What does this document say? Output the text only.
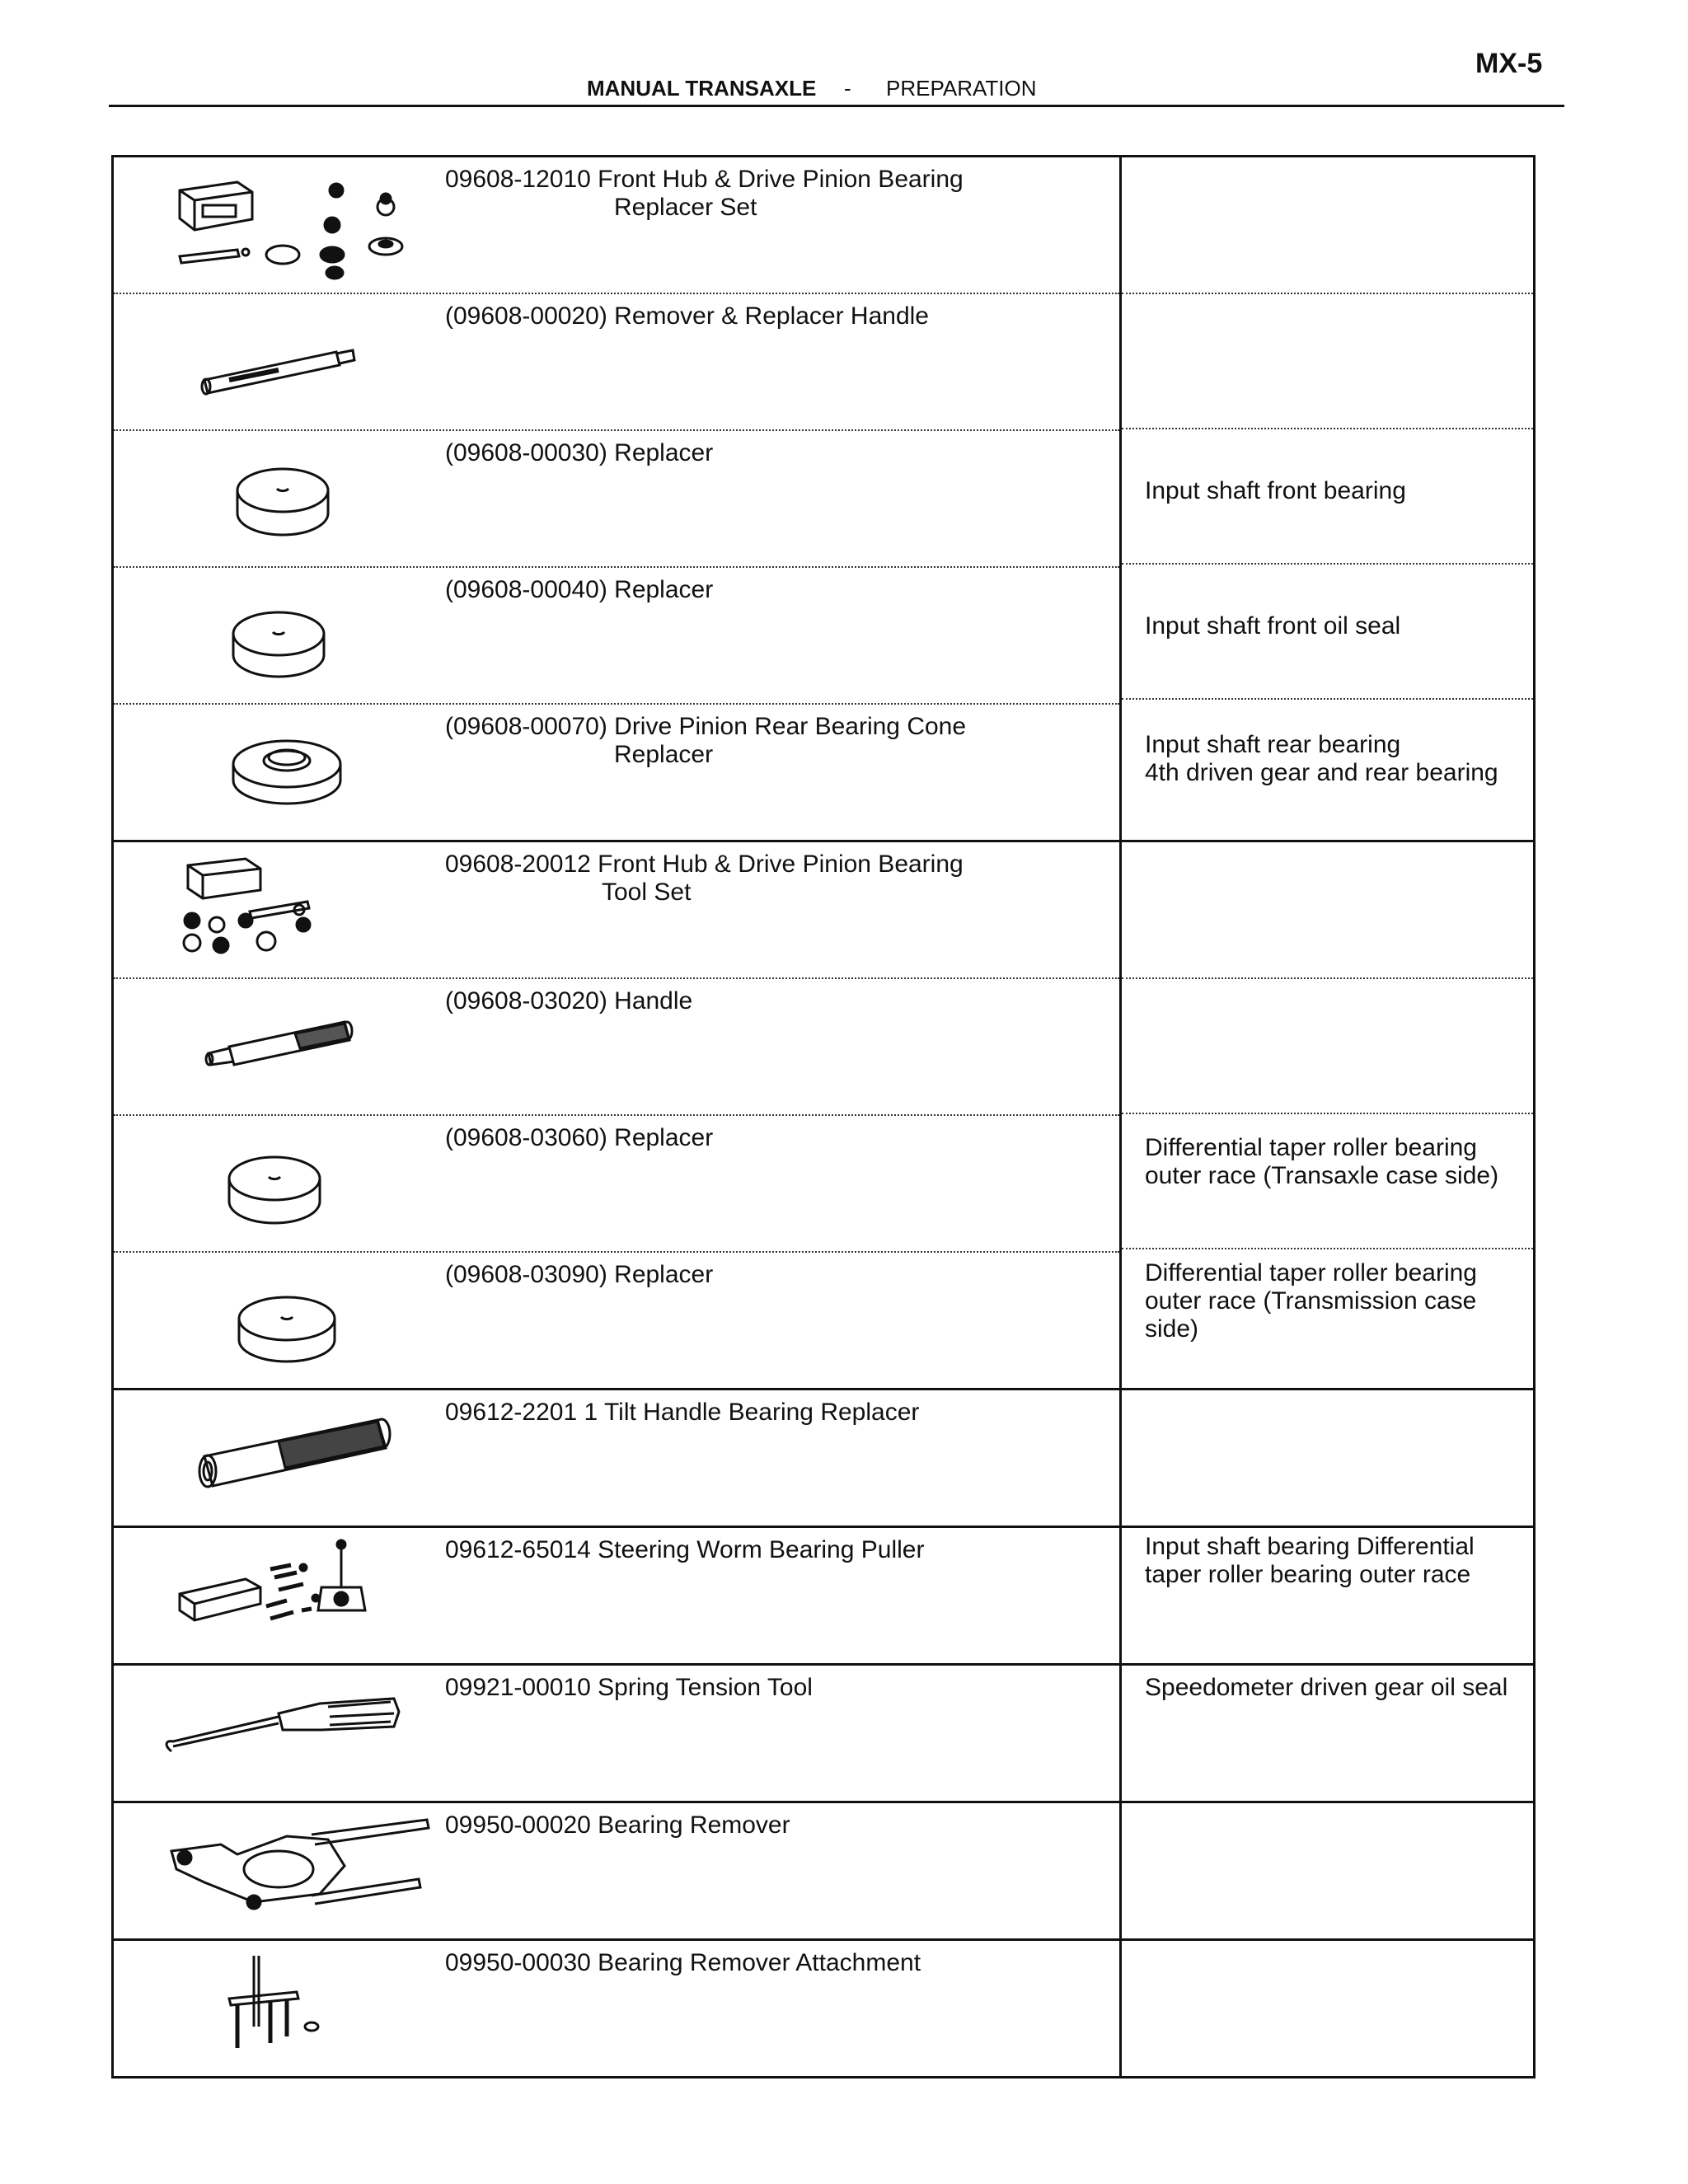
MX-5
MANUAL TRANSAXLE - PREPARATION
09608-12010 Front Hub & Drive Pinion Bearing
Replacer Set
(09608-00020) Remover & Replacer Handle
(09608-00030) Replacer
(09608-00040) Replacer
(09608-00070) Drive Pinion Rear Bearing Cone
Replacer
Input shaft front bearing
Input shaft front oil seal
Input shaft rear bearing
4th driven gear and rear bearing
09608-20012 Front Hub & Drive Pinion Bearing
Tool Set
(09608-03020) Handle
(09608-03060) Replacer
(09608-03090) Replacer
Differential taper roller bearing
outer race (Transaxle case side)
Differential taper roller bearing
outer race (Transmission case
side)
09612-2201 1 Tilt Handle Bearing Replacer
09612-65014 Steering Worm Bearing Puller	Input shaft bearing Differential
taper roller bearing outer race
09921-00010 Spring Tension Tool	Speedometer driven gear oil seal
09950-00020 Bearing Remover
09950-00030 Bearing Remover Attachment
